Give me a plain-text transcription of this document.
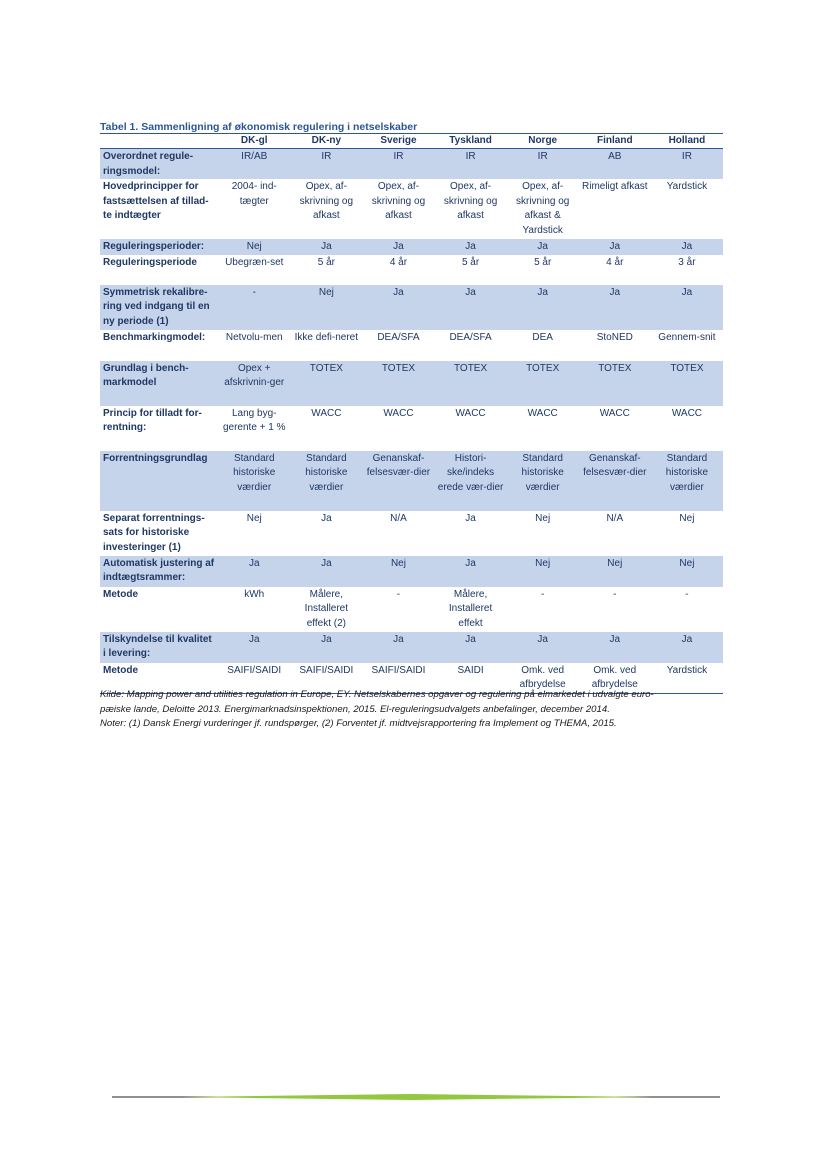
Tabel 1. Sammenligning af økonomisk regulering i netselskaber
	DK-gl	DK-ny	Sverige	Tyskland	Norge	Finland	Holland
Overordnet regule-ringsmodel:	IR/AB	IR	IR	IR	IR	AB	IR
Hovedprincipper for fastsættelsen af tillad-te indtægter	2004- ind-tægter	Opex, af-skrivning og afkast	Opex, af-skrivning og afkast	Opex, af-skrivning og afkast	Opex, af-skrivning og afkast & Yardstick	Rimeligt afkast	Yardstick
Reguleringsperioder:	Nej	Ja	Ja	Ja	Ja	Ja	Ja
Reguleringsperiode	Ubegræn-set	5 år	4 år	5 år	5 år	4 år	3 år
Symmetrisk rekalibre-ring ved indgang til en ny periode (1)	-	Nej	Ja	Ja	Ja	Ja	Ja
Benchmarkingmodel:	Netvolu-men	Ikke defi-neret	DEA/SFA	DEA/SFA	DEA	StoNED	Gennem-snit
Grundlag i bench-markmodel	Opex + afskrivnin-ger	TOTEX	TOTEX	TOTEX	TOTEX	TOTEX	TOTEX
Princip for tilladt for-rentning:	Lang byg-gerente + 1 %	WACC	WACC	WACC	WACC	WACC	WACC
Forrentningsgrundlag	Standard historiske værdier	Standard historiske værdier	Genanskaf-felsesvær-dier	Histori-ske/indeks erede vær-dier	Standard historiske værdier	Genanskaf-felsesvær-dier	Standard historiske værdier
Separat forrentnings-sats for historiske investeringer (1)	Nej	Ja	N/A	Ja	Nej	N/A	Nej
Automatisk justering af indtægtsrammer:	Ja	Ja	Nej	Ja	Nej	Nej	Nej
Metode	kWh	Målere, Installeret effekt (2)	-	Målere, Installeret effekt	-	-	-
Tilskyndelse til kvalitet i levering:	Ja	Ja	Ja	Ja	Ja	Ja	Ja
Metode	SAIFI/SAIDI	SAIFI/SAIDI	SAIFI/SAIDI	SAIDI	Omk. ved afbrydelse	Omk. ved afbrydelse	Yardstick
Kilde: Mapping power and utilities regulation in Europe, EY. Netselskabernes opgaver og regulering på elmarkedet i udvalgte euro-
pæiske lande, Deloitte 2013. Energimarknadsinspektionen, 2015. El-reguleringsudvalgets anbefalinger, december 2014.
Noter: (1) Dansk Energi vurderinger jf. rundspørger, (2) Forventet jf. midtvejsrapportering fra Implement og THEMA, 2015.
